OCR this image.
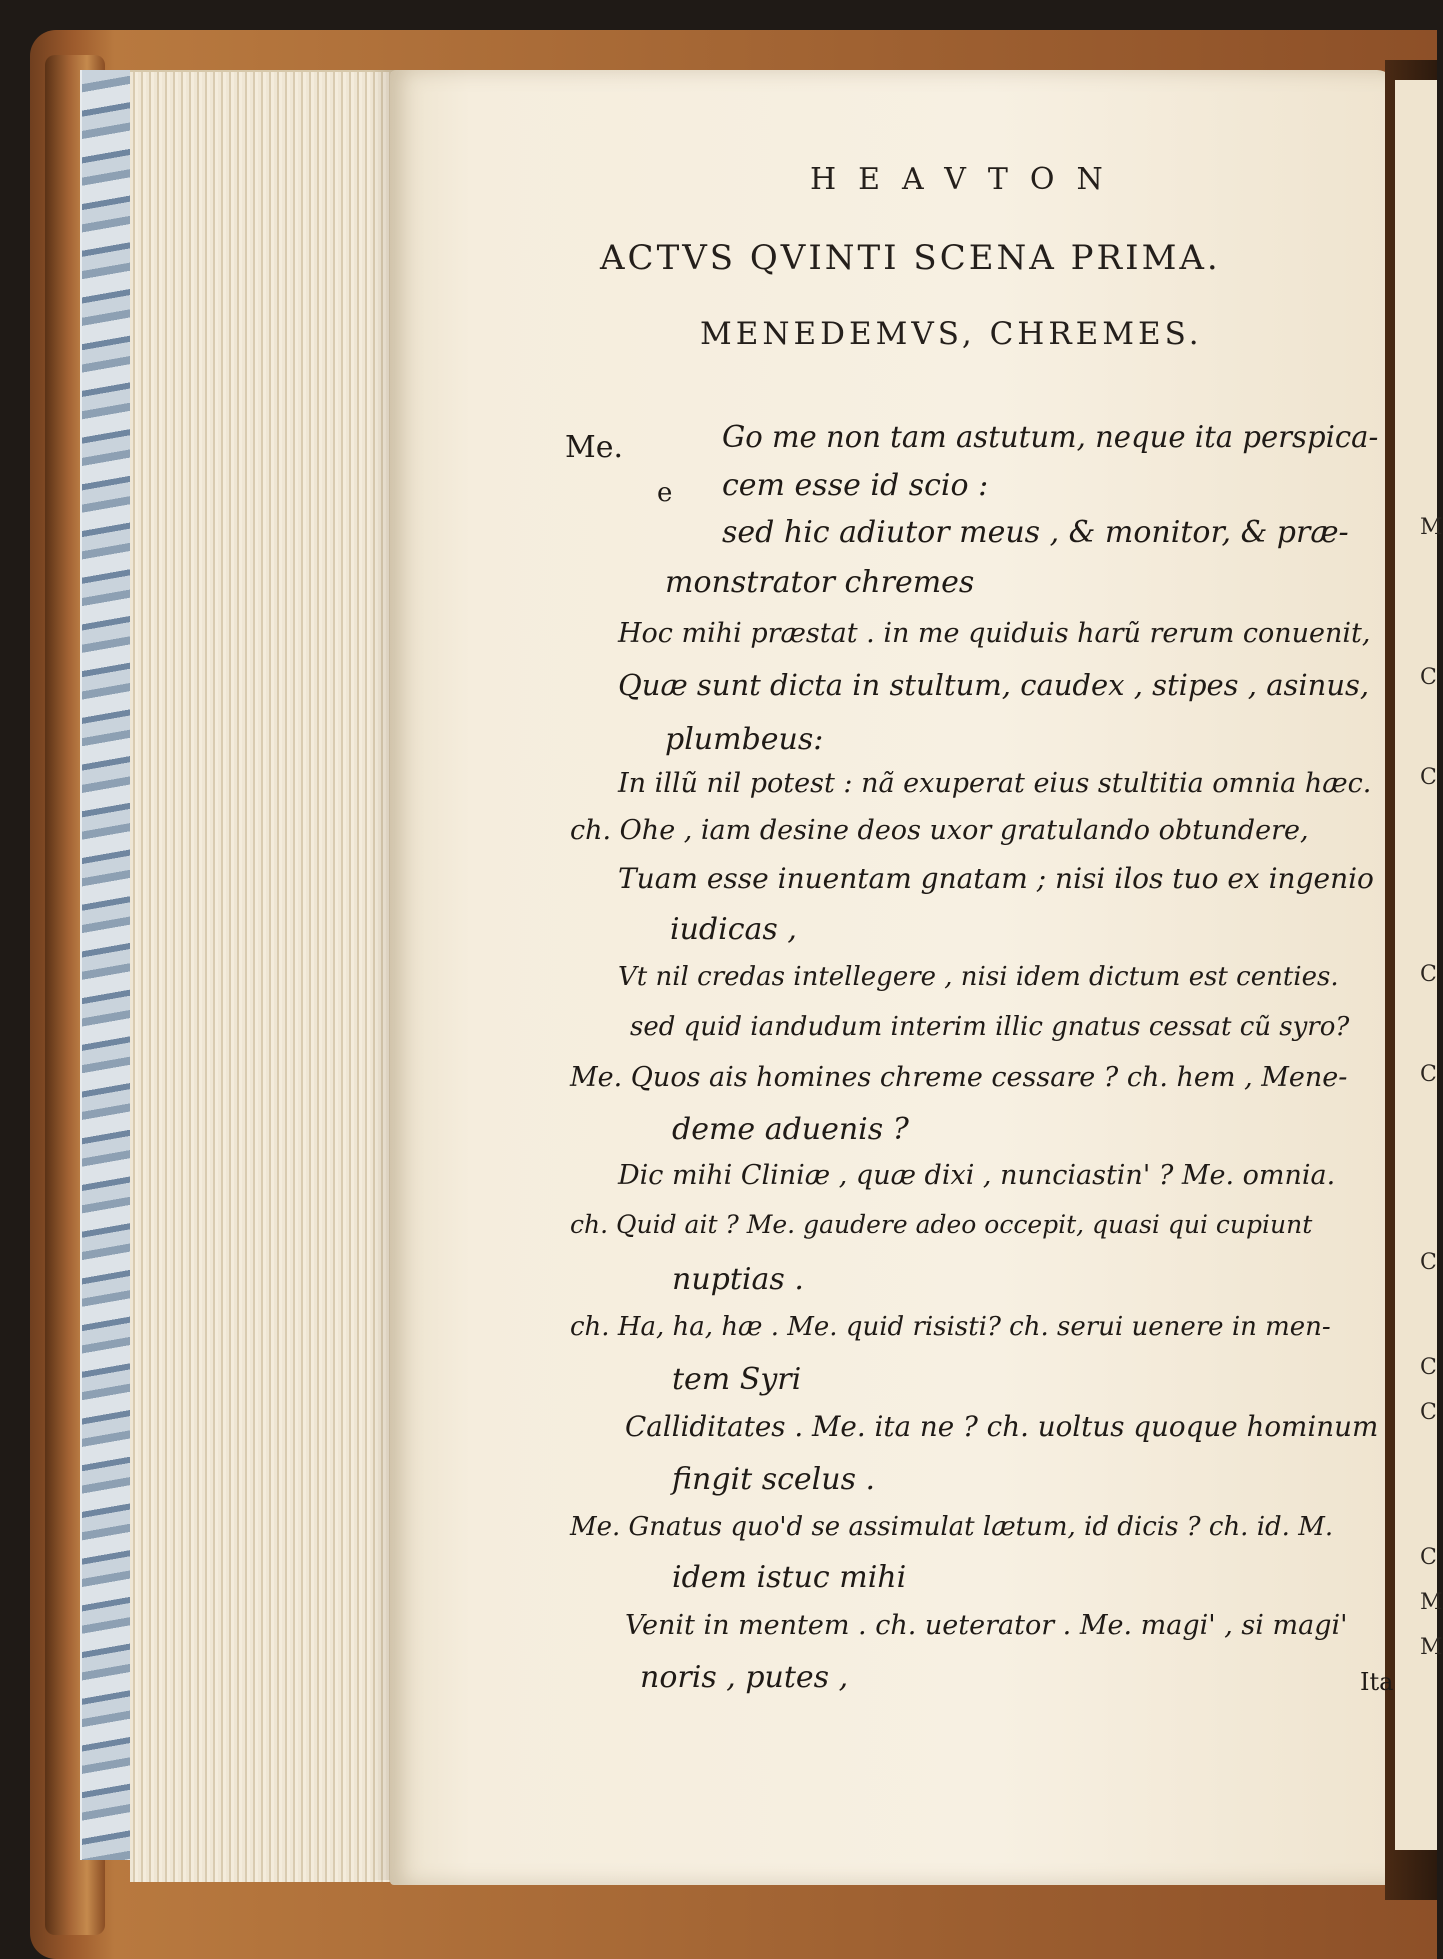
HEAVTON
ACTVS QVINTI SCENA PRIMA.
MENEDEMVS, CHREMES.
Me.
e
Go me non tam astutum, neque ita perspica-
cem esse id scio :
sed hic adiutor meus , & monitor, & præ-
monstrator chremes
Hoc mihi præstat . in me quiduis harũ rerum conuenit,
Quæ sunt dicta in stultum, caudex , stipes , asinus,
plumbeus:
In illũ nil potest : nã exuperat eius stultitia omnia hæc.
ch. Ohe , iam desine deos uxor gratulando obtundere,
Tuam esse inuentam gnatam ; nisi ilos tuo ex ingenio
iudicas ,
Vt nil credas intellegere , nisi idem dictum est centies.
sed quid iandudum interim illic gnatus cessat cũ syro?
Me. Quos ais homines chreme cessare ? ch. hem , Mene-
deme aduenis ?
Dic mihi Cliniæ , quæ dixi , nunciastin' ? Me. omnia.
ch. Quid ait ? Me. gaudere adeo occepit, quasi qui cupiunt
nuptias .
ch. Ha, ha, hæ . Me. quid risisti? ch. serui uenere in men-
tem Syri
Calliditates . Me. ita ne ? ch. uoltus quoque hominum
fingit scelus .
Me. Gnatus quo'd se assimulat lætum, id dicis ? ch. id. M.
idem istuc mihi
Venit in mentem . ch. ueterator . Me. magi' , si magi'
noris , putes ,	Ita
M
C
C
C
C
C
C
C
C
M
M
